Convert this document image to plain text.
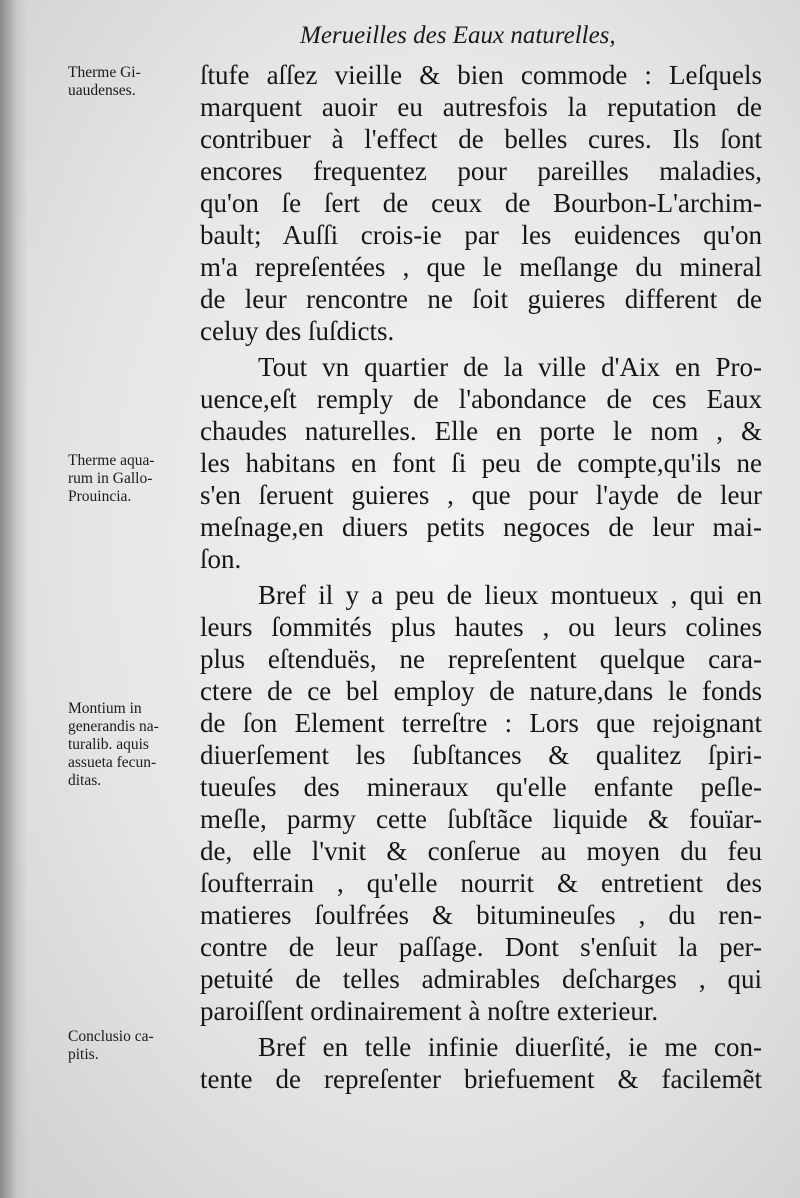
Merueilles des Eaux naturelles,
Therme Gi-
uaudenses.
Therme aqua-
rum in Gallo-
Prouincia.
Montium in
generandis na-
turalib. aquis
assueta fecun-
ditas.
Conclusio ca-
pitis.
ſtufe aſſez vieille & bien commode : Leſquels
marquent auoir eu autresfois la reputation de
contribuer à l'effect de belles cures. Ils ſont
encores frequentez pour pareilles maladies,
qu'on ſe ſert de ceux de Bourbon-L'archim-
bault; Auſſi crois-ie par les euidences qu'on
m'a repreſentées , que le meſlange du mineral
de leur rencontre ne ſoit guieres different de
celuy des ſuſdicts.
Tout vn quartier de la ville d'Aix en Pro-
uence,eſt remply de l'abondance de ces Eaux
chaudes naturelles. Elle en porte le nom , &
les habitans en font ſi peu de compte,qu'ils ne
s'en ſeruent guieres , que pour l'ayde de leur
meſnage,en diuers petits negoces de leur mai-
ſon.
Bref il y a peu de lieux montueux , qui en
leurs ſommités plus hautes , ou leurs colines
plus eſtenduës, ne repreſentent quelque cara-
ctere de ce bel employ de nature,dans le fonds
de ſon Element terreſtre : Lors que rejoignant
diuerſement les ſubſtances & qualitez ſpiri-
tueuſes des mineraux qu'elle enfante peſle-
meſle, parmy cette ſubſtãce liquide & fouïar-
de, elle l'vnit & conſerue au moyen du feu
ſoufterrain , qu'elle nourrit & entretient des
matieres ſoulfrées & bitumineuſes , du ren-
contre de leur paſſage. Dont s'enſuit la per-
petuité de telles admirables deſcharges , qui
paroiſſent ordinairement à noſtre exterieur.
Bref en telle infinie diuerſité, ie me con-
tente de repreſenter briefuement & facilemẽt
